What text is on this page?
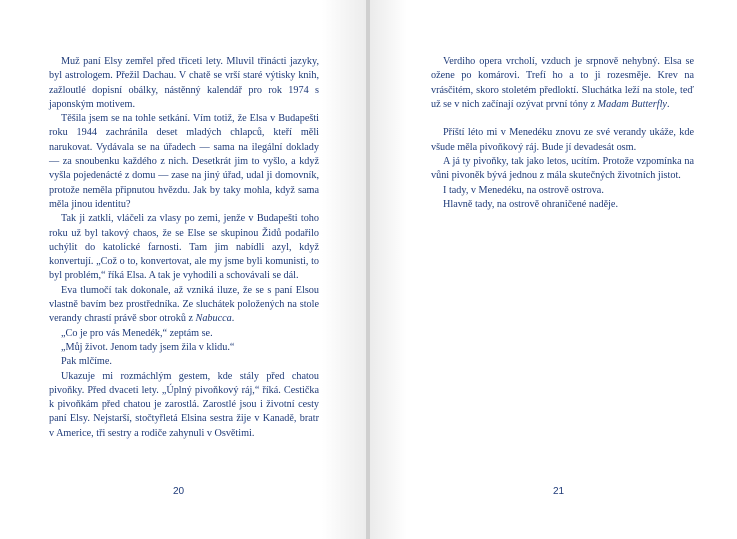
Muž paní Elsy zemřel před třiceti lety. Mluvil třinácti jazyky, byl astrologem. Přežil Dachau. V chatě se vrší staré výtisky knih, zažloutlé dopisní obálky, nástěnný kalendář pro rok 1974 s japonským motivem.

Těšila jsem se na tohle setkání. Vím totiž, že Elsa v Budapešti roku 1944 zachránila deset mladých chlapců, kteří měli narukovat. Vydávala se na úřadech — sama na ilegální doklady — za snoubenku každého z nich. Desetkrát jim to vyšlo, a když vyšla pojedenácté z domu — zase na jiný úřad, udal ji domovník, protože neměla připnutou hvězdu. Jak by taky mohla, když sama měla jinou identitu?

Tak ji zatkli, vláčeli za vlasy po zemi, jenže v Budapešti toho roku už byl takový chaos, že se Else se skupinou Židů podařilo uchýlit do katolické farnosti. Tam jim nabídli azyl, když konvertují. „Což o to, konvertovat, ale my jsme byli komunisti, to byl problém,“ říká Elsa. A tak je vyhodili a schovávali se dál.

Eva tlumočí tak dokonale, až vzniká iluze, že se s paní Elsou vlastně bavím bez prostředníka. Ze sluchátek položených na stole verandy chrastí právě sbor otroků z Nabucca.

„Co je pro vás Menedék,“ zeptám se.

„Můj život. Jenom tady jsem žila v klidu.“

Pak mlčíme.

Ukazuje mi rozmáchlým gestem, kde stály před chatou pivoňky. Před dvaceti lety. „Úplný pivoňkový ráj,“ říká. Cestička k pivoňkám před chatou je zarostlá. Zarostlé jsou i životní cesty paní Elsy. Nejstarší, stočtyřletá Elsina sestra žije v Kanadě, bratr v Americe, tři sestry a rodiče zahynuli v Osvětimi.

20

Verdiho opera vrcholí, vzduch je srpnově nehybný. Elsa se ožene po komárovi. Trefí ho a to ji rozesměje. Krev na vrásčitém, skoro stoletém předloktí. Sluchátka leží na stole, teď už se v nich začínají ozývat první tóny z Madam Butterfly.

Příští léto mi v Menedéku znovu ze své verandy ukáže, kde všude měla pivoňkový ráj. Bude jí devadesát osm.

A já ty pivoňky, tak jako letos, ucítím. Protože vzpomínka na vůni pivoněk bývá jednou z mála skutečných životních jistot.

I tady, v Menedéku, na ostrově ostrova.

Hlavně tady, na ostrově ohraničené naděje.

21
